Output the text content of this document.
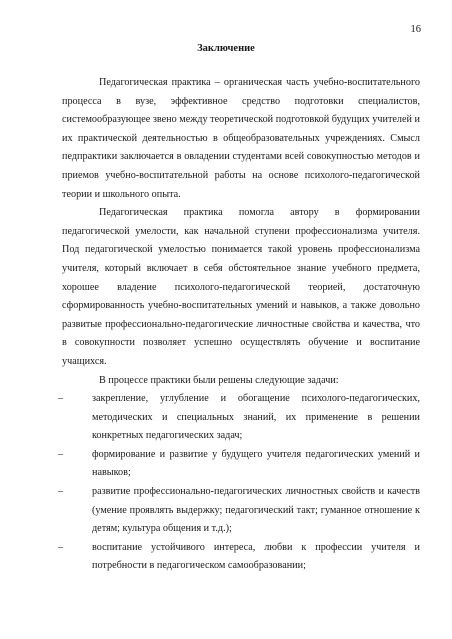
16
Заключение

Педагогическая практика – органическая часть учебно-воспитательного процесса в вузе, эффективное средство подготовки специалистов, системообразующее звено между теоретической подготовкой будущих учителей и их практической деятельностью в общеобразовательных учреждениях. Смысл педпрактики заключается в овладении студентами всей совокупностью методов и приемов учебно-воспитательной работы на основе психолого-педагогической теории и школьного опыта.

Педагогическая практика помогла автору в формировании педагогической умелости, как начальной ступени профессионализма учителя. Под педагогической умелостью понимается такой уровень профессионализма учителя, который включает в себя обстоятельное знание учебного предмета, хорошее владение психолого-педагогической теорией, достаточную сформированность учебно-воспитательных умений и навыков, а также довольно развитые профессионально-педагогические личностные свойства и качества, что в совокупности позволяет успешно осуществлять обучение и воспитание учащихся.

В процессе практики были решены следующие задачи:

–	закрепление, углубление и обогащение психолого-педагогических, методических и специальных знаний, их применение в решении конкретных педагогических задач;
–	формирование и развитие у будущего учителя педагогических умений и навыков;
–	развитие профессионально-педагогических личностных свойств и качеств (умение проявлять выдержку; педагогический такт; гуманное отношение к детям; культура общения и т.д.);
–	воспитание устойчивого интереса, любви к профессии учителя и потребности в педагогическом самообразовании;
